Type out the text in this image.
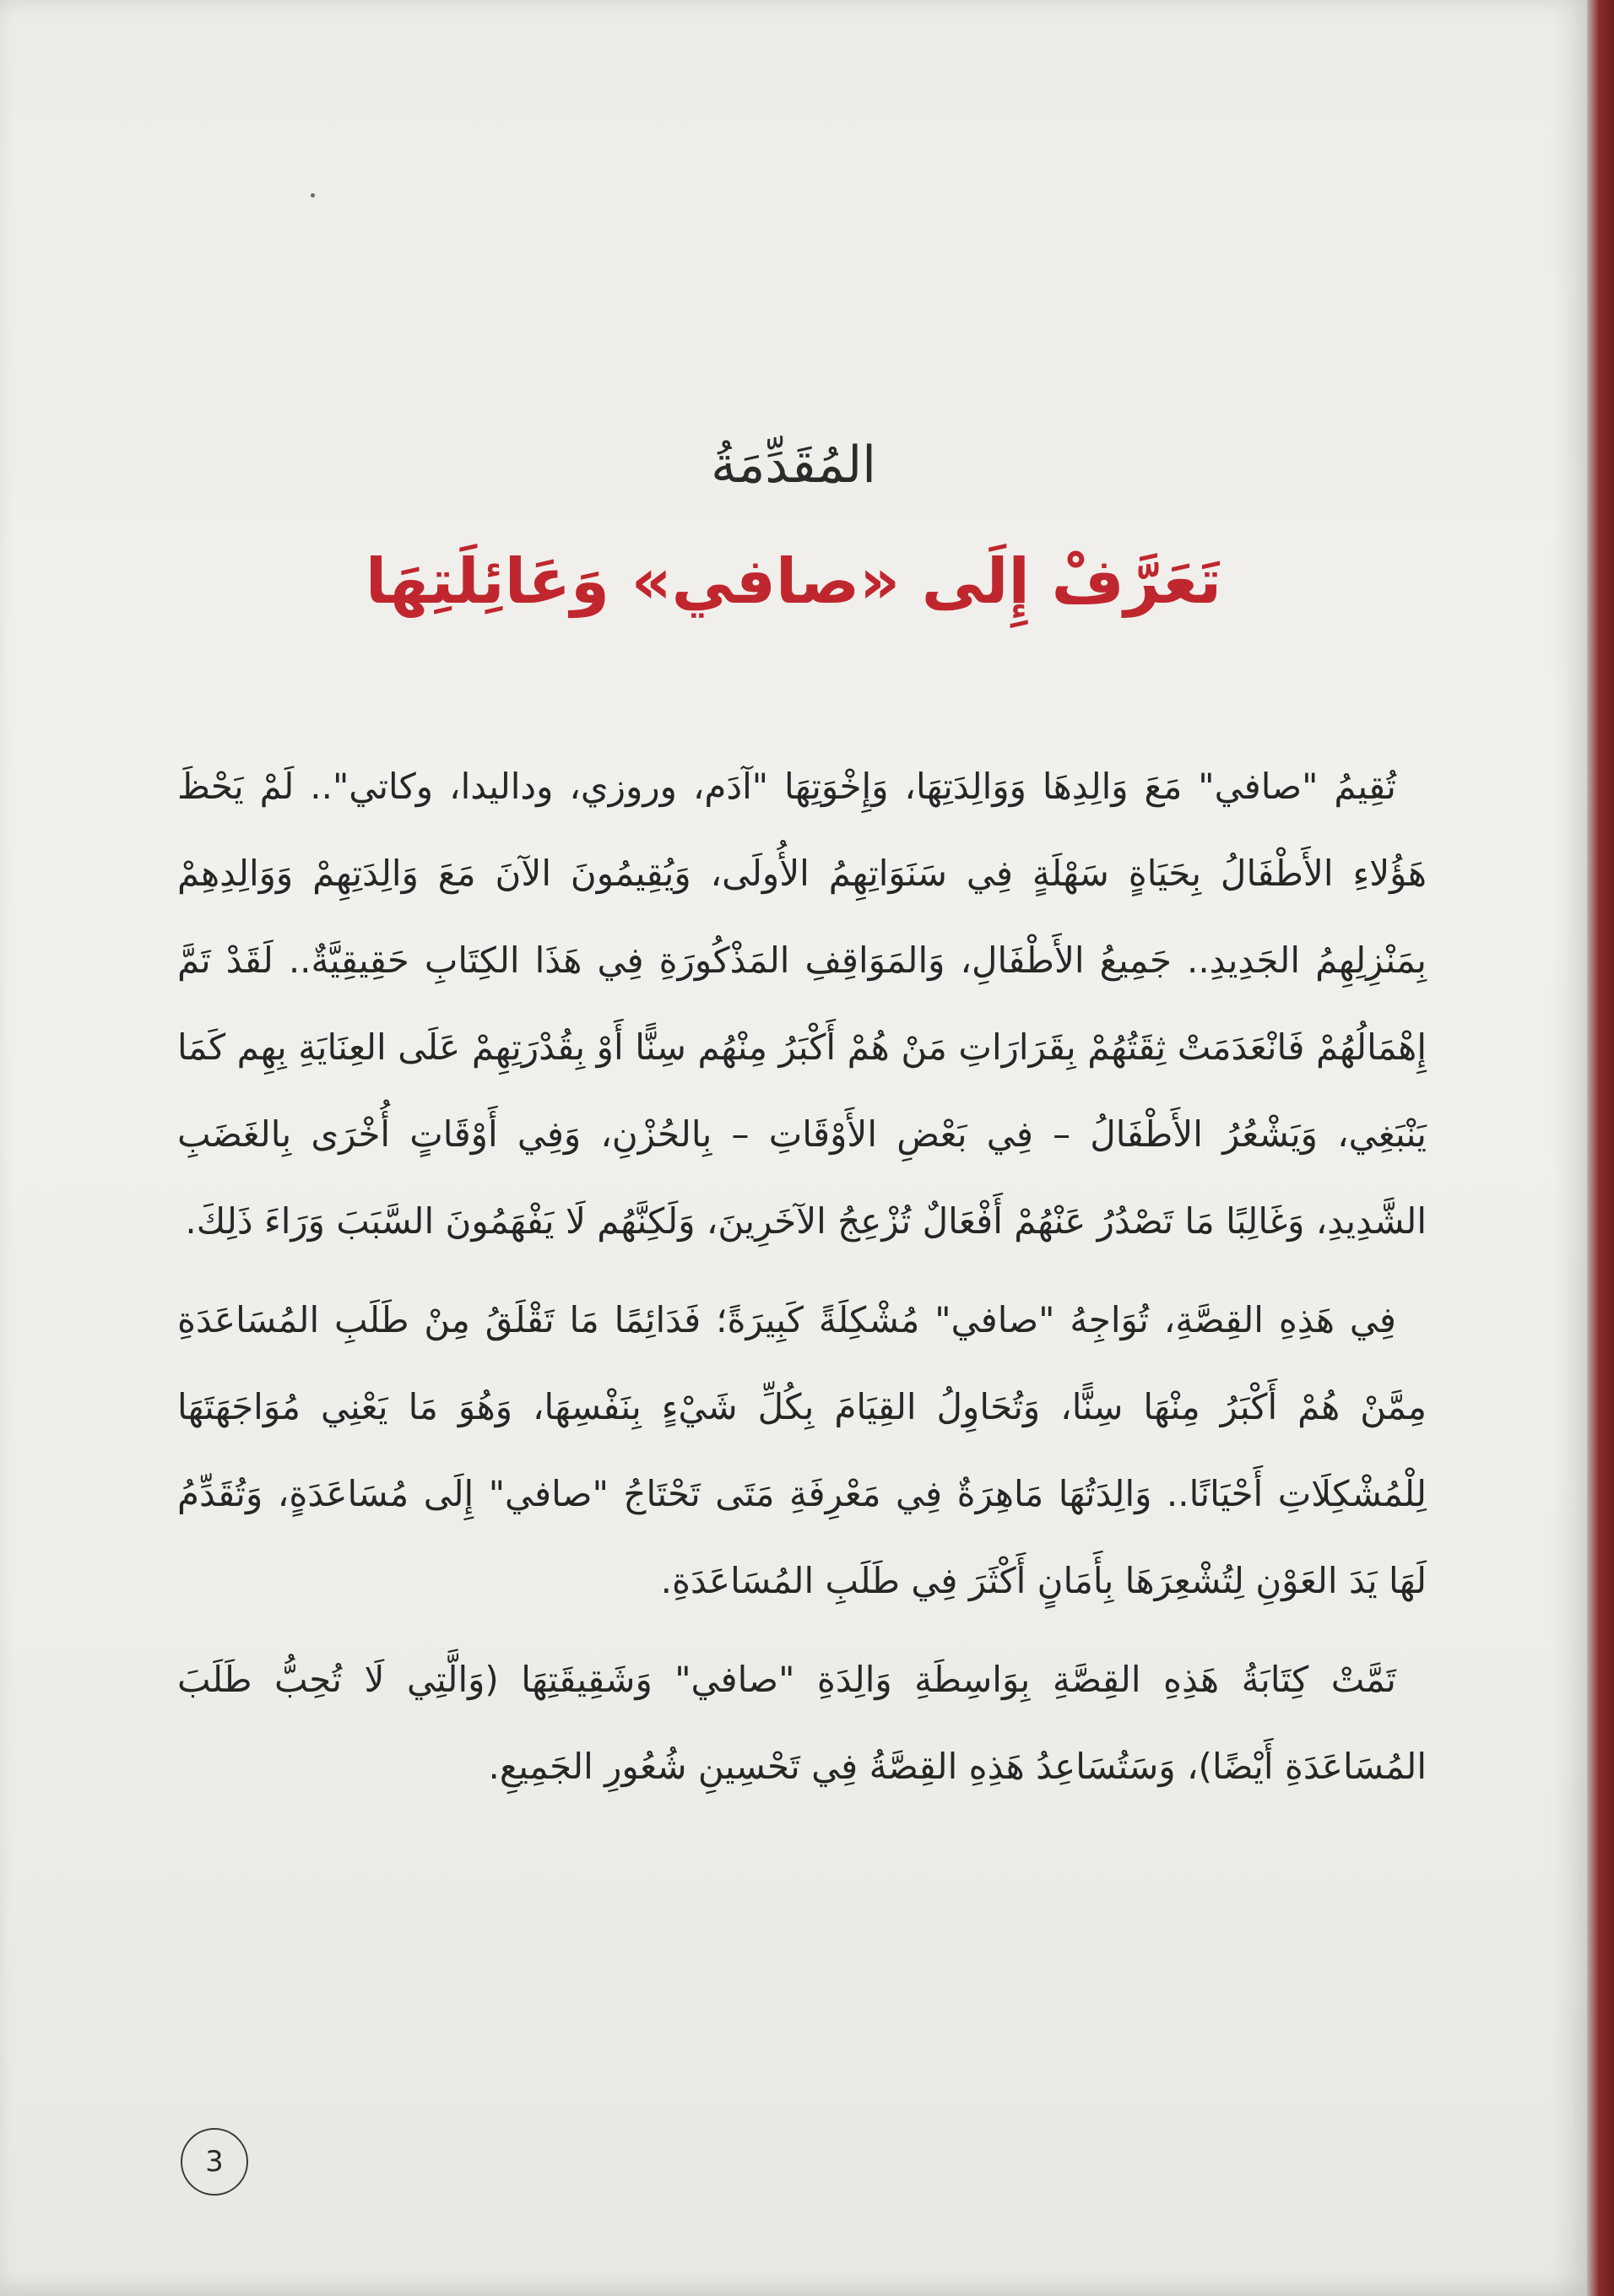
المُقَدِّمَةُ
تَعَرَّفْ إِلَى «صافي» وَعَائِلَتِهَا

تُقِيمُ "صافي" مَعَ وَالِدِهَا وَوَالِدَتِهَا، وَإِخْوَتِهَا "آدَم، وروزي، وداليدا، وكاتي".. لَمْ يَحْظَ هَؤُلاءِ الأَطْفَالُ بِحَيَاةٍ سَهْلَةٍ فِي سَنَوَاتِهِمُ الأُولَى، وَيُقِيمُونَ الآنَ مَعَ وَالِدَتِهِمْ وَوَالِدِهِمْ بِمَنْزِلِهِمُ الجَدِيدِ.. جَمِيعُ الأَطْفَالِ، وَالمَوَاقِفِ المَذْكُورَةِ فِي هَذَا الكِتَابِ حَقِيقِيَّةٌ.. لَقَدْ تَمَّ إِهْمَالُهُمْ فَانْعَدَمَتْ ثِقَتُهُمْ بِقَرَارَاتِ مَنْ هُمْ أَكْبَرُ مِنْهُم سِنًّا أَوْ بِقُدْرَتِهِمْ عَلَى العِنَايَةِ بِهِم كَمَا يَنْبَغِي، وَيَشْعُرُ الأَطْفَالُ – فِي بَعْضِ الأَوْقَاتِ – بِالحُزْنِ، وَفِي أَوْقَاتٍ أُخْرَى بِالغَضَبِ الشَّدِيدِ، وَغَالِبًا مَا تَصْدُرُ عَنْهُمْ أَفْعَالٌ تُزْعِجُ الآخَرِينَ، وَلَكِنَّهُم لَا يَفْهَمُونَ السَّبَبَ وَرَاءَ ذَلِكَ.

فِي هَذِهِ القِصَّةِ، تُوَاجِهُ "صافي" مُشْكِلَةً كَبِيرَةً؛ فَدَائِمًا مَا تَقْلَقُ مِنْ طَلَبِ المُسَاعَدَةِ مِمَّنْ هُمْ أَكْبَرُ مِنْهَا سِنًّا، وَتُحَاوِلُ القِيَامَ بِكُلِّ شَيْءٍ بِنَفْسِهَا، وَهُوَ مَا يَعْنِي مُوَاجَهَتَهَا لِلْمُشْكِلَاتِ أَحْيَانًا.. وَالِدَتُهَا مَاهِرَةٌ فِي مَعْرِفَةِ مَتَى تَحْتَاجُ "صافي" إِلَى مُسَاعَدَةٍ، وَتُقَدِّمُ لَهَا يَدَ العَوْنِ لِتُشْعِرَهَا بِأَمَانٍ أَكْثَرَ فِي طَلَبِ المُسَاعَدَةِ.

تَمَّتْ كِتَابَةُ هَذِهِ القِصَّةِ بِوَاسِطَةِ وَالِدَةِ "صافي" وَشَقِيقَتِهَا (وَالَّتِي لَا تُحِبُّ طَلَبَ المُسَاعَدَةِ أَيْضًا)، وَسَتُسَاعِدُ هَذِهِ القِصَّةُ فِي تَحْسِينِ شُعُورِ الجَمِيعِ.

3
